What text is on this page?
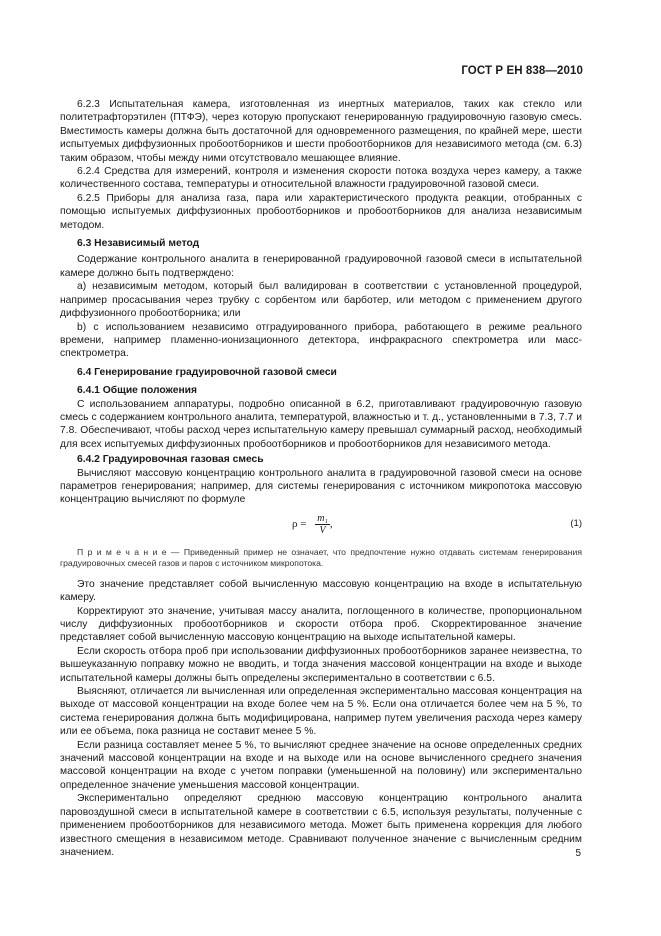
ГОСТ Р ЕН 838—2010

6.2.3 Испытательная камера, изготовленная из инертных материалов, таких как стекло или политетрафторэтилен (ПТФЭ), через которую пропускают генерированную градуировочную газовую смесь. Вместимость камеры должна быть достаточной для одновременного размещения, по крайней мере, шести испытуемых диффузионных пробоотборников и шести пробоотборников для независимого метода (см. 6.3) таким образом, чтобы между ними отсутствовало мешающее влияние.

6.2.4 Средства для измерений, контроля и изменения скорости потока воздуха через камеру, а также количественного состава, температуры и относительной влажности градуировочной газовой смеси.

6.2.5 Приборы для анализа газа, пара или характеристического продукта реакции, отобранных с помощью испытуемых диффузионных пробоотборников и пробоотборников для анализа независимым методом.

6.3 Независимый метод

Содержание контрольного аналита в генерированной градуировочной газовой смеси в испытательной камере должно быть подтверждено:

a) независимым методом, который был валидирован в соответствии с установленной процедурой, например просасывания через трубку с сорбентом или барботер, или методом с применением другого диффузионного пробоотборника; или

b) с использованием независимо отградуированного прибора, работающего в режиме реального времени, например пламенно-ионизационного детектора, инфракрасного спектрометра или масс-спектрометра.

6.4 Генерирование градуировочной газовой смеси

6.4.1 Общие положения

С использованием аппаратуры, подробно описанной в 6.2, приготавливают градуировочную газовую смесь с содержанием контрольного аналита, температурой, влажностью и т. д., установленными в 7.3, 7.7 и 7.8. Обеспечивают, чтобы расход через испытательную камеру превышал суммарный расход, необходимый для всех испытуемых диффузионных пробоотборников и пробоотборников для независимого метода.

6.4.2 Градуировочная газовая смесь

Вычисляют массовую концентрацию контрольного аналита в градуировочной газовой смеси на основе параметров генерирования; например, для системы генерирования с источником микропотока массовую концентрацию вычисляют по формуле

$\rho = \frac{\text{m₁}}{V}$ ,	(1)

П р и м е ч а н и е — Приведенный пример не означает, что предпочтение нужно отдавать системам генерирования градуировочных смесей газов и паров с источником микропотока.

Это значение представляет собой вычисленную массовую концентрацию на входе в испытательную камеру.

Корректируют это значение, учитывая массу аналита, поглощенного в количестве, пропорциональном числу диффузионных пробоотборников и скорости отбора проб. Скорректированное значение представляет собой вычисленную массовую концентрацию на выходе испытательной камеры.

Если скорость отбора проб при использовании диффузионных пробоотборников заранее неизвестна, то вышеуказанную поправку можно не вводить, и тогда значения массовой концентрации на входе и выходе испытательной камеры должны быть определены экспериментально в соответствии с 6.5.

Выясняют, отличается ли вычисленная или определенная экспериментально массовая концентрация на выходе от массовой концентрации на входе более чем на 5 %. Если она отличается более чем на 5 %, то система генерирования должна быть модифицирована, например путем увеличения расхода через камеру или ее объема, пока разница не составит менее 5 %.

Если разница составляет менее 5 %, то вычисляют среднее значение на основе определенных средних значений массовой концентрации на входе и на выходе или на основе вычисленного среднего значения массовой концентрации на входе с учетом поправки (уменьшенной на половину) или экспериментально определенное значение уменьшения массовой концентрации.

Экспериментально определяют среднюю массовую концентрацию контрольного аналита паровоздушной смеси в испытательной камере в соответствии с 6.5, используя результаты, полученные с применением пробоотборников для независимого метода. Может быть применена коррекция для любого известного смещения в независимом методе. Сравнивают полученное значение с вычисленным средним значением.	5
